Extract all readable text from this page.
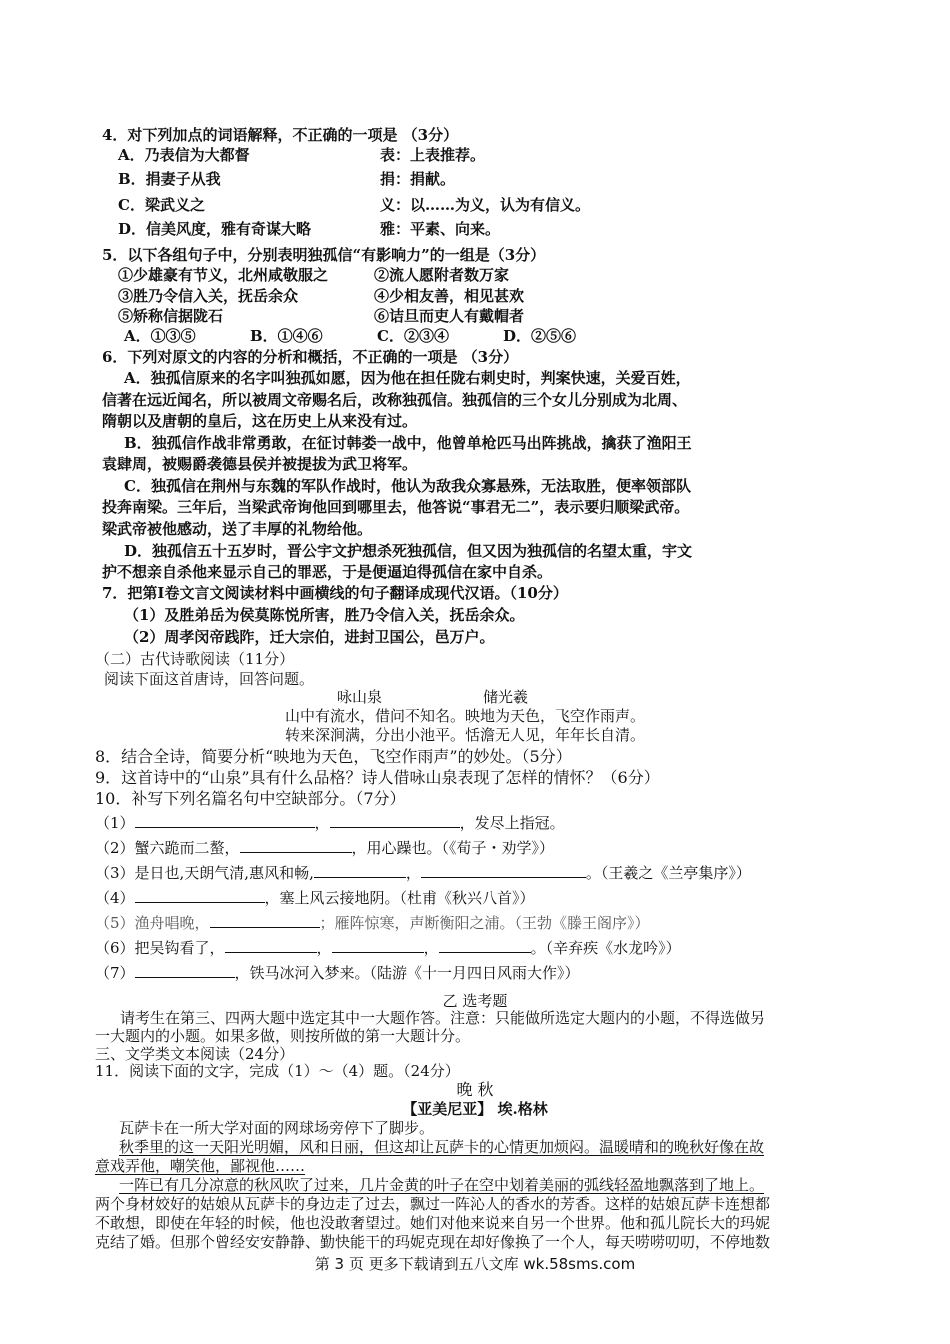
4．对下列加点的词语解释，不正确的一项是 （3分）
A．乃表信为大都督	表：上表推荐。
B．捐妻子从我	捐：捐献。
C．梁武义之	义：以……为义，认为有信义。
D．信美风度，雅有奇谋大略	雅：平素、向来。
5．以下各组句子中，分别表明独孤信“有影响力”的一组是（3分）
①少雄豪有节义，北州咸敬服之	②流人愿附者数万家
③胜乃令信入关，抚岳余众	④少相友善，相见甚欢
⑤矫称信据陇石	⑥诘旦而吏人有戴帽者
A．①③⑤	B．①④⑥	C．②③④	D．②⑤⑥
6．下列对原文的内容的分析和概括，不正确的一项是 （3分）
A．独孤信原来的名字叫独孤如愿，因为他在担任陇右刺史时，判案快速，关爱百姓，
信著在远近闻名，所以被周文帝赐名后，改称独孤信。独孤信的三个女儿分别成为北周、
隋朝以及唐朝的皇后，这在历史上从来没有过。
B．独孤信作战非常勇敢，在征讨韩娄一战中，他曾单枪匹马出阵挑战，擒获了渔阳王
袁肆周，被赐爵袭德县侯并被提拔为武卫将军。
C．独孤信在荆州与东魏的军队作战时，他认为敌我众寡悬殊，无法取胜，便率领部队
投奔南梁。三年后，当梁武帝询他回到哪里去，他答说“事君无二”，表示要归顺梁武帝。
梁武帝被他感动，送了丰厚的礼物给他。
D．独孤信五十五岁时，晋公宇文护想杀死独孤信，但又因为独孤信的名望太重，宇文
护不想亲自杀他来显示自己的罪恶，于是便逼迫得孤信在家中自杀。
7．把第Ⅰ卷文言文阅读材料中画横线的句子翻译成现代汉语。（10分）
（1）及胜弟岳为侯莫陈悦所害，胜乃令信入关，抚岳余众。
（2）周孝闵帝践阼，迁大宗伯，进封卫国公，邑万户。
（二）古代诗歌阅读（11分）
阅读下面这首唐诗，回答问题。
咏山泉	储光羲
山中有流水，借问不知名。映地为天色，飞空作雨声。
转来深涧满，分出小池平。恬澹无人见，年年长自清。
8．结合全诗，简要分析“映地为天色，飞空作雨声”的妙处。（5分）
9．这首诗中的“山泉”具有什么品格？诗人借咏山泉表现了怎样的情怀？（6分）
10．补写下列名篇名句中空缺部分。（7分）
（1）	，	，发尽上指冠。
（2）蟹六跪而二螯，	，用心躁也。（《荀子・劝学》）
（3）是日也,天朗气清,惠风和畅,	，	。（王羲之《兰亭集序》）
（4）	，塞上风云接地阴。（杜甫《秋兴八首》）
（5）渔舟唱晚，	；雁阵惊寒，声断衡阳之浦。（王勃《滕王阁序》）
（6）把吴钩看了，	，	，	。（辛弃疾《水龙吟》）
（7）	，铁马冰河入梦来。（陆游《十一月四日风雨大作》）
乙 选考题
请考生在第三、四两大题中选定其中一大题作答。注意：只能做所选定大题内的小题，不得选做另
一大题内的小题。如果多做，则按所做的第一大题计分。
三、文学类文本阅读（24分）
11．阅读下面的文字，完成（1）～（4）题。（24分）
晚 秋
【亚美尼亚】 埃.格林
瓦萨卡在一所大学对面的网球场旁停下了脚步。
秋季里的这一天阳光明媚，风和日丽，但这却让瓦萨卡的心情更加烦闷。温暖晴和的晚秋好像在故
意戏弄他，嘲笑他，鄙视他……
一阵已有几分凉意的秋风吹了过来，几片金黄的叶子在空中划着美丽的弧线轻盈地飘落到了地上。
两个身材姣好的姑娘从瓦萨卡的身边走了过去，飘过一阵沁人的香水的芳香。这样的姑娘瓦萨卡连想都
不敢想，即使在年轻的时候，他也没敢奢望过。她们对他来说来自另一个世界。他和孤儿院长大的玛妮
克结了婚。但那个曾经安安静静、勤快能干的玛妮克现在却好像换了一个人，每天唠唠叨叨，不停地数
第 3 页 更多下载请到五八文库 wk.58sms.com
